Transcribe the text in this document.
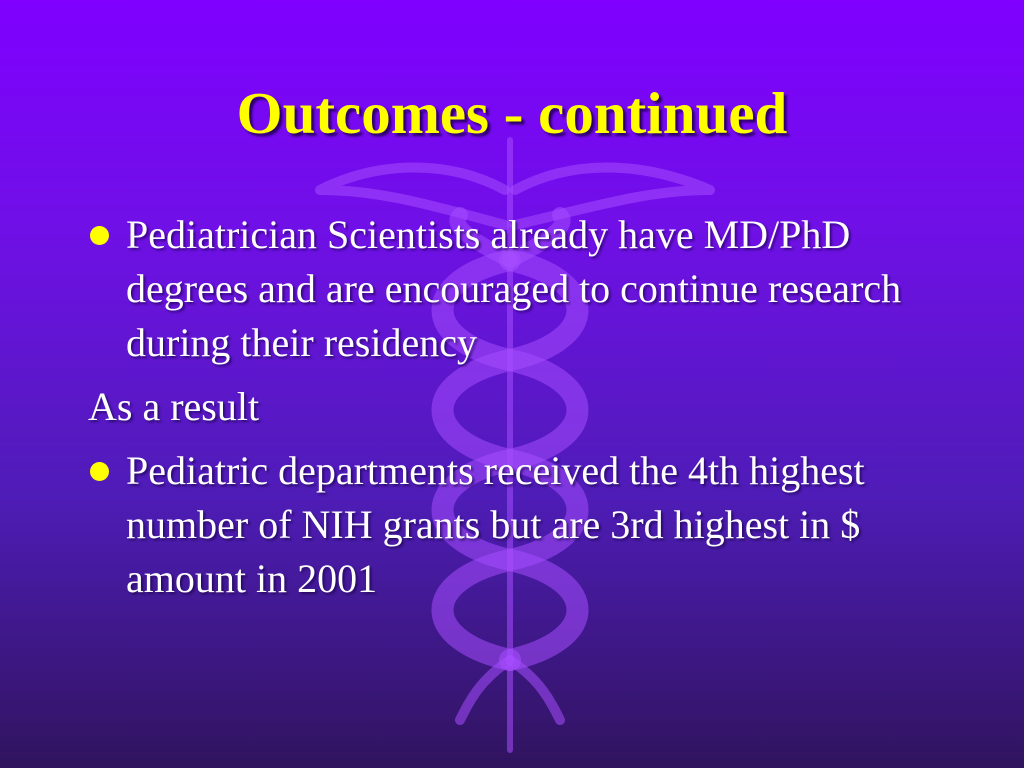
Outcomes - continued

Pediatrician Scientists already have MD/PhD degrees and are encouraged to continue research during their residency

As a result

Pediatric departments received the 4th highest number of NIH grants but are 3rd highest in $ amount in 2001
